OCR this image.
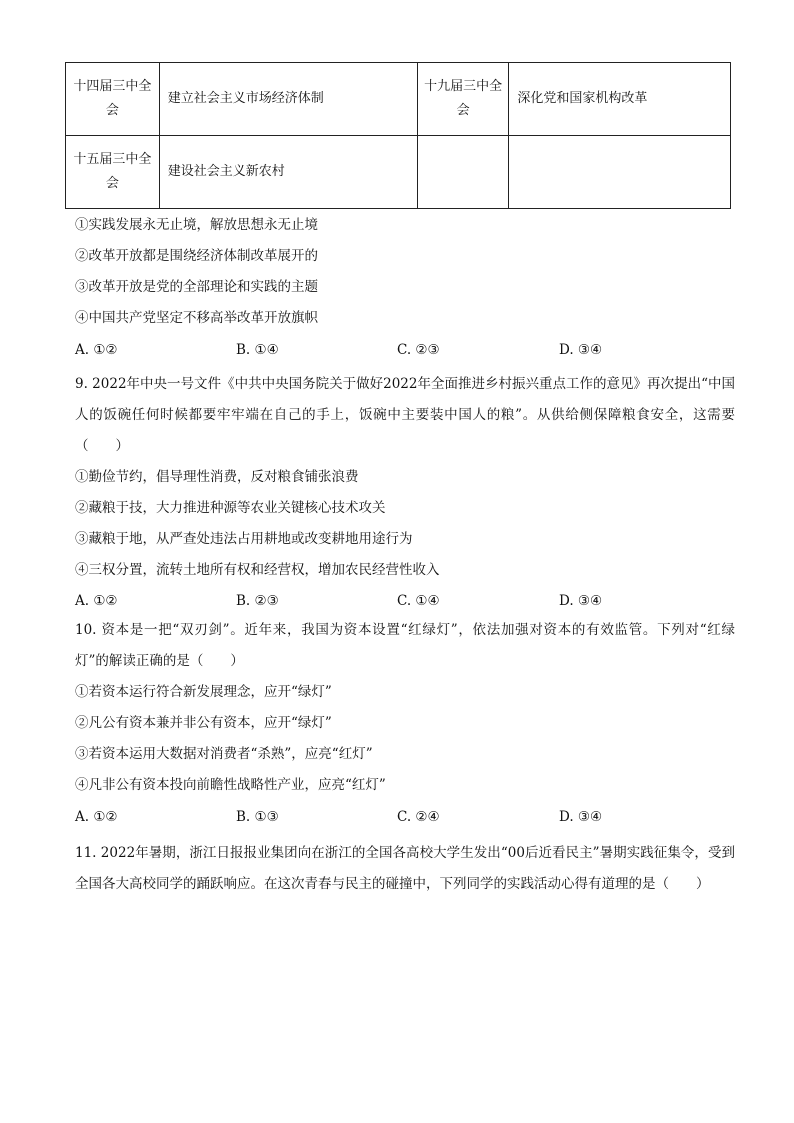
十四届三中全会	建立社会主义市场经济体制	十九届三中全会	深化党和国家机构改革
十五届三中全会	建设社会主义新农村		
①实践发展永无止境，解放思想永无止境
②改革开放都是围绕经济体制改革展开的
③改革开放是党的全部理论和实践的主题
④中国共产党坚定不移高举改革开放旗帜
A. ①②	B. ①④	C. ②③	D. ③④
9. 2022年中央一号文件《中共中央国务院关于做好2022年全面推进乡村振兴重点工作的意见》再次提出“中国人的饭碗任何时候都要牢牢端在自己的手上，饭碗中主要装中国人的粮”。从供给侧保障粮食安全，这需要（　　）
①勤俭节约，倡导理性消费，反对粮食铺张浪费
②藏粮于技，大力推进种源等农业关键核心技术攻关
③藏粮于地，从严查处违法占用耕地或改变耕地用途行为
④三权分置，流转土地所有权和经营权，增加农民经营性收入
A. ①②	B. ②③	C. ①④	D. ③④
10. 资本是一把“双刃剑”。近年来，我国为资本设置“红绿灯”，依法加强对资本的有效监管。下列对“红绿灯”的解读正确的是（　　）
①若资本运行符合新发展理念，应开“绿灯”
②凡公有资本兼并非公有资本，应开“绿灯”
③若资本运用大数据对消费者“杀熟”，应亮“红灯”
④凡非公有资本投向前瞻性战略性产业，应亮“红灯”
A. ①②	B. ①③	C. ②④	D. ③④
11. 2022年暑期，浙江日报报业集团向在浙江的全国各高校大学生发出“00后近看民主”暑期实践征集令，受到全国各大高校同学的踊跃响应。在这次青春与民主的碰撞中，下列同学的实践活动心得有道理的是（　　）
